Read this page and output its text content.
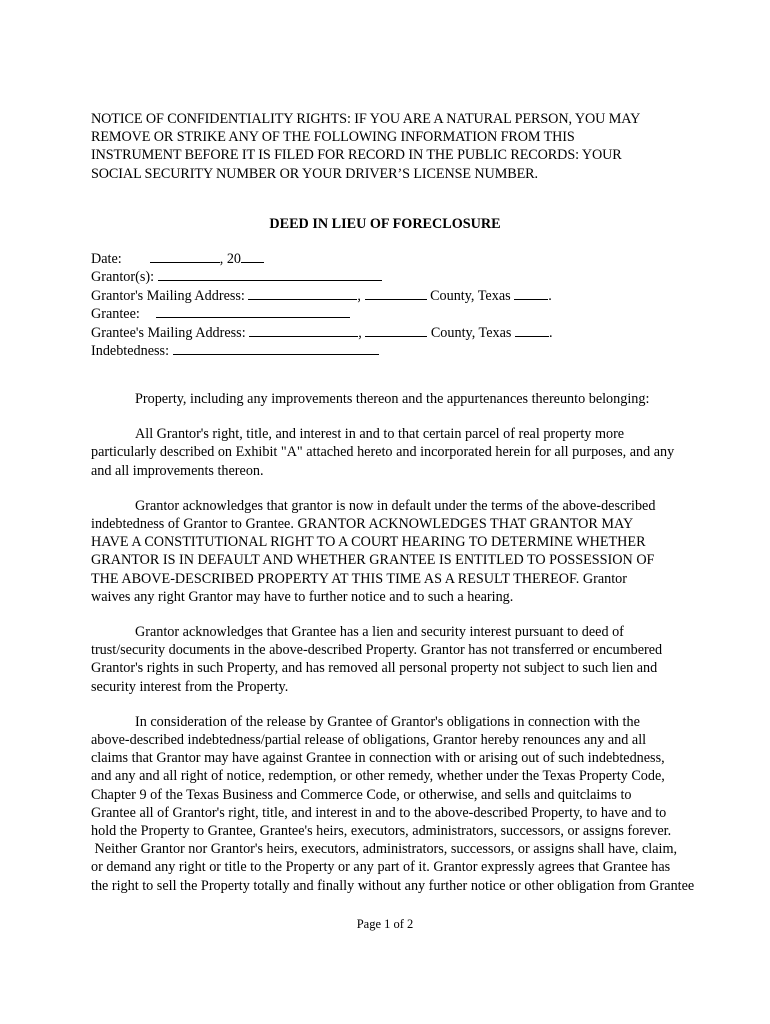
NOTICE OF CONFIDENTIALITY RIGHTS: IF YOU ARE A NATURAL PERSON, YOU MAY
REMOVE OR STRIKE ANY OF THE FOLLOWING INFORMATION FROM THIS
INSTRUMENT BEFORE IT IS FILED FOR RECORD IN THE PUBLIC RECORDS: YOUR
SOCIAL SECURITY NUMBER OR YOUR DRIVER’S LICENSE NUMBER.
DEED IN LIEU OF FORECLOSURE
Date:	, 20
Grantor(s):
Grantor's Mailing Address:	,	County, Texas	.
Grantee:
Grantee's Mailing Address:	,	County, Texas	.
Indebtedness:
Property, including any improvements thereon and the appurtenances thereunto belonging:
All Grantor's right, title, and interest in and to that certain parcel of real property more
particularly described on Exhibit "A" attached hereto and incorporated herein for all purposes, and any
and all improvements thereon.
Grantor acknowledges that grantor is now in default under the terms of the above-described
indebtedness of Grantor to Grantee. GRANTOR ACKNOWLEDGES THAT GRANTOR MAY
HAVE A CONSTITUTIONAL RIGHT TO A COURT HEARING TO DETERMINE WHETHER
GRANTOR IS IN DEFAULT AND WHETHER GRANTEE IS ENTITLED TO POSSESSION OF
THE ABOVE-DESCRIBED PROPERTY AT THIS TIME AS A RESULT THEREOF. Grantor
waives any right Grantor may have to further notice and to such a hearing.
Grantor acknowledges that Grantee has a lien and security interest pursuant to deed of
trust/security documents in the above-described Property. Grantor has not transferred or encumbered
Grantor's rights in such Property, and has removed all personal property not subject to such lien and
security interest from the Property.
In consideration of the release by Grantee of Grantor's obligations in connection with the
above-described indebtedness/partial release of obligations, Grantor hereby renounces any and all
claims that Grantor may have against Grantee in connection with or arising out of such indebtedness,
and any and all right of notice, redemption, or other remedy, whether under the Texas Property Code,
Chapter 9 of the Texas Business and Commerce Code, or otherwise, and sells and quitclaims to
Grantee all of Grantor's right, title, and interest in and to the above-described Property, to have and to
hold the Property to Grantee, Grantee's heirs, executors, administrators, successors, or assigns forever.
Neither Grantor nor Grantor's heirs, executors, administrators, successors, or assigns shall have, claim,
or demand any right or title to the Property or any part of it. Grantor expressly agrees that Grantee has
the right to sell the Property totally and finally without any further notice or other obligation from Grantee
Page 1 of 2
